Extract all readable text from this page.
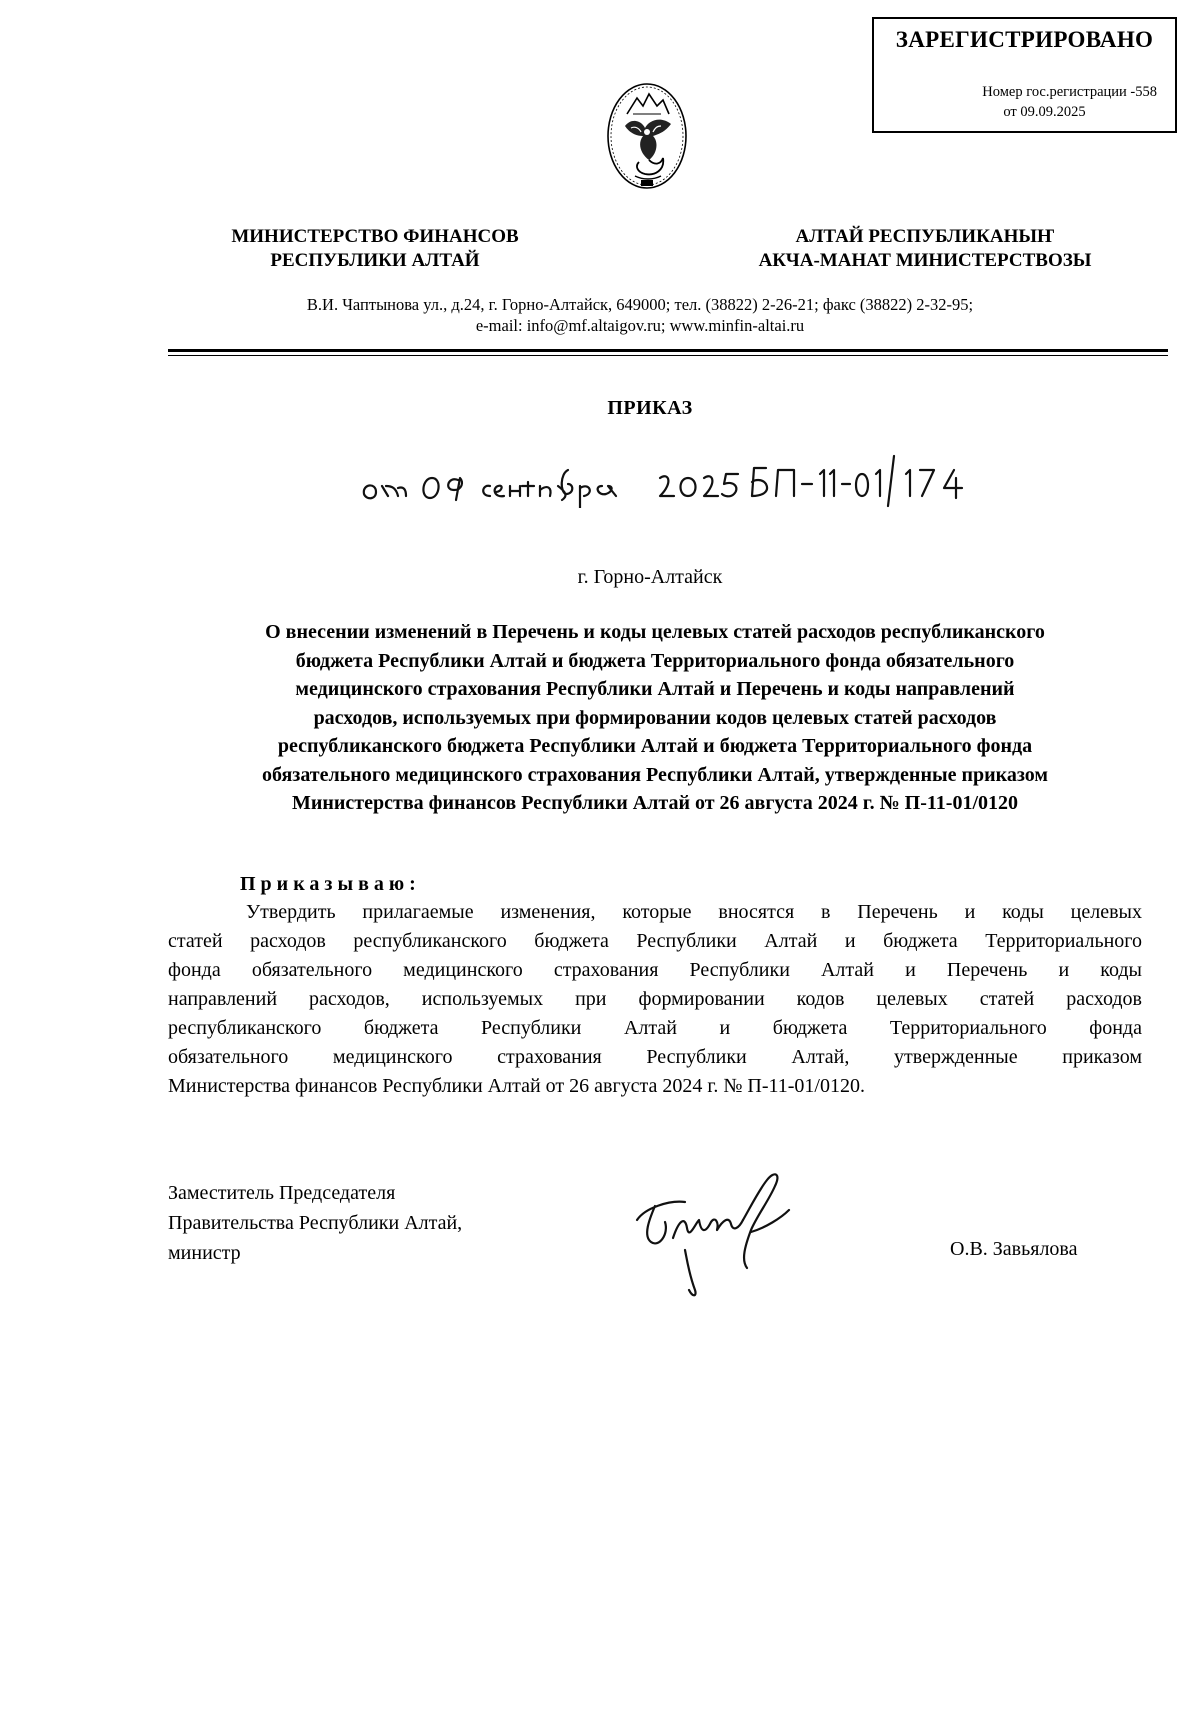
ЗАРЕГИСТРИРОВАНО
Номер гос.регистрации -558
от 09.09.2025
МИНИСТЕРСТВО ФИНАНСОВ
РЕСПУБЛИКИ АЛТАЙ
АЛТАЙ РЕСПУБЛИКАНЫҤ
АКЧА-МАНАТ МИНИСТЕРСТВОЗЫ
В.И. Чаптынова ул., д.24, г. Горно-Алтайск, 649000; тел. (38822) 2-26-21; факс (38822) 2-32-95;
e-mail: info@mf.altaigov.ru; www.minfin-altai.ru
ПРИКАЗ
г. Горно-Алтайск
О внесении изменений в Перечень и коды целевых статей расходов республиканского
бюджета Республики Алтай и бюджета Территориального фонда обязательного
медицинского страхования Республики Алтай и Перечень и коды направлений
расходов, используемых при формировании кодов целевых статей расходов
республиканского бюджета Республики Алтай и бюджета Территориального фонда
обязательного медицинского страхования Республики Алтай, утвержденные приказом
Министерства финансов Республики Алтай от 26 августа 2024 г. № П-11-01/0120
Приказываю:
Утвердить прилагаемые изменения, которые вносятся в Перечень и коды целевых
статей расходов республиканского бюджета Республики Алтай и бюджета Территориального
фонда обязательного медицинского страхования Республики Алтай и Перечень и коды
направлений расходов, используемых при формировании кодов целевых статей расходов
республиканского бюджета Республики Алтай и бюджета Территориального фонда
обязательного медицинского страхования Республики Алтай, утвержденные приказом
Министерства финансов Республики Алтай от 26 августа 2024 г. № П-11-01/0120.
Заместитель Председателя
Правительства Республики Алтай,
министр	О.В. Завьялова
